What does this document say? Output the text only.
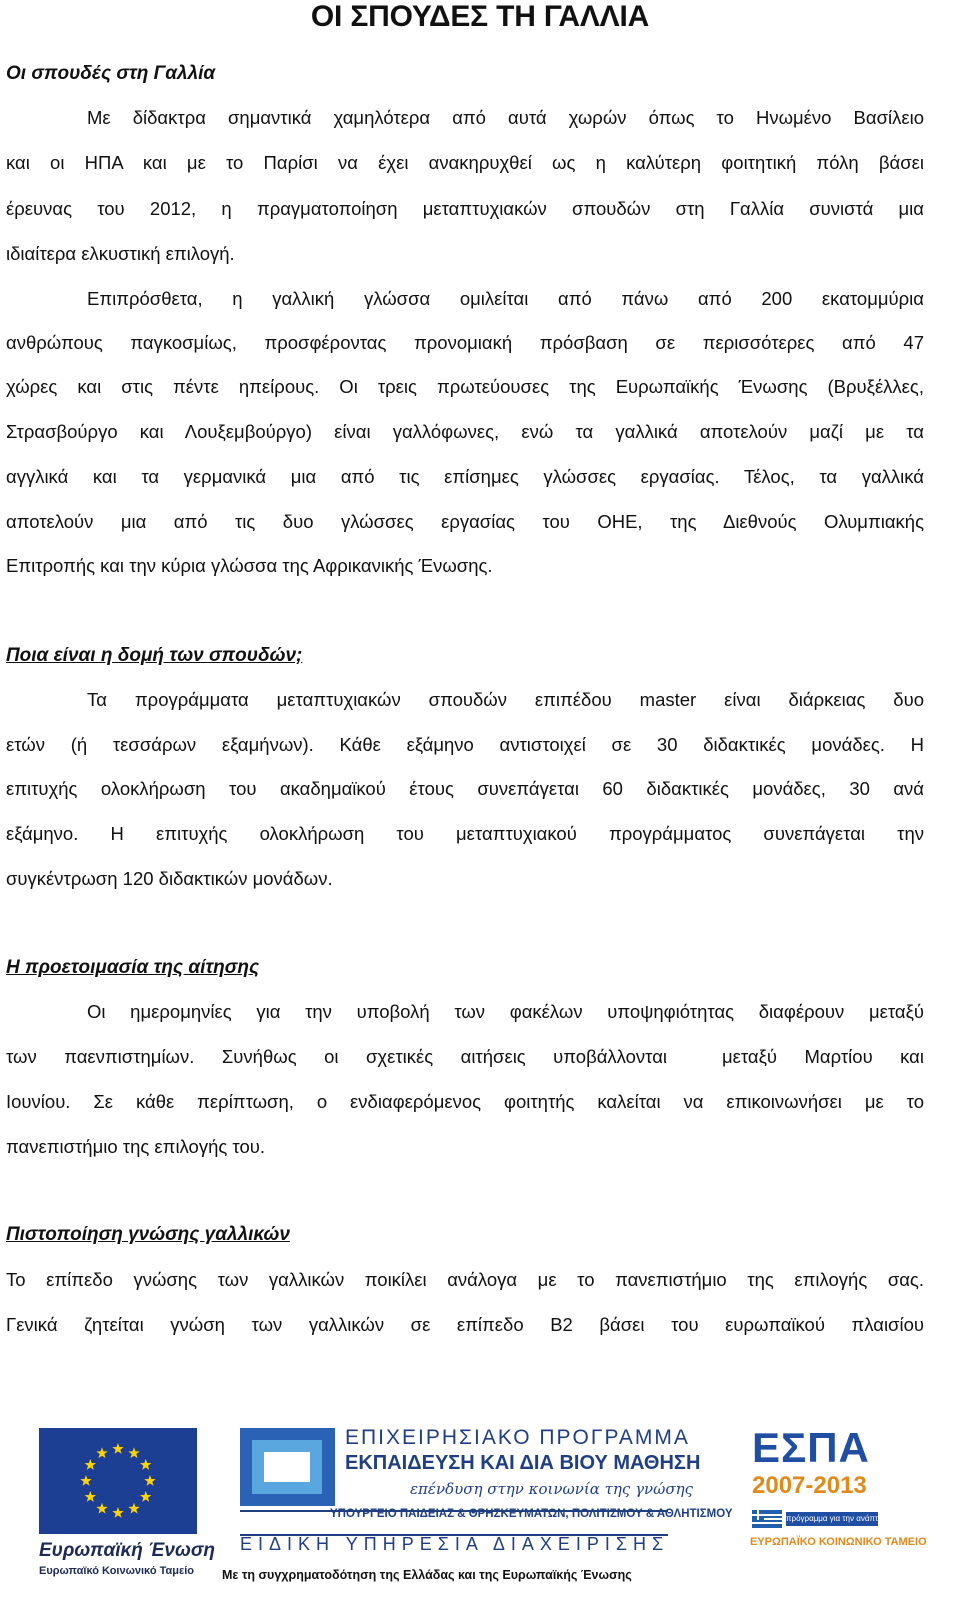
ΟΙ ΣΠΟΥΔΕΣ ΤΗ ΓΑΛΛΙΑ
Οι σπουδές στη Γαλλία
Με δίδακτρα σημαντικά χαμηλότερα από αυτά χωρών όπως το Ηνωμένο Βασίλειο
και οι ΗΠΑ και με το Παρίσι να έχει ανακηρυχθεί ως η καλύτερη φοιτητική πόλη βάσει
έρευνας του 2012, η πραγματοποίηση μεταπτυχιακών σπουδών στη Γαλλία συνιστά μια
ιδιαίτερα ελκυστική επιλογή.
Επιπρόσθετα, η γαλλική γλώσσα ομιλείται από πάνω από 200 εκατομμύρια
ανθρώπους παγκοσμίως, προσφέροντας προνομιακή πρόσβαση σε περισσότερες από 47
χώρες και στις πέντε ηπείρους. Οι τρεις πρωτεύουσες της Ευρωπαϊκής Ένωσης (Βρυξέλλες,
Στρασβούργο και Λουξεμβούργο) είναι γαλλόφωνες, ενώ τα γαλλικά αποτελούν μαζί με τα
αγγλικά και τα γερμανικά μια από τις επίσημες γλώσσες εργασίας. Τέλος, τα γαλλικά
αποτελούν μια από τις δυο γλώσσες εργασίας του ΟΗΕ, της Διεθνούς Ολυμπιακής
Επιτροπής και την κύρια γλώσσα της Αφρικανικής Ένωσης.
Ποια είναι η δομή των σπουδών;
Τα προγράμματα μεταπτυχιακών σπουδών επιπέδου master είναι διάρκειας δυο
ετών (ή τεσσάρων εξαμήνων). Κάθε εξάμηνο αντιστοιχεί σε 30 διδακτικές μονάδες. Η
επιτυχής ολοκλήρωση του ακαδημαϊκού έτους συνεπάγεται 60 διδακτικές μονάδες, 30 ανά
εξάμηνο. Η επιτυχής ολοκλήρωση του μεταπτυχιακού προγράμματος συνεπάγεται την
συγκέντρωση 120 διδακτικών μονάδων.
Η προετοιμασία της αίτησης
Οι ημερομηνίες για την υποβολή των φακέλων υποψηφιότητας διαφέρουν μεταξύ
των παενπιστημίων. Συνήθως οι σχετικές αιτήσεις υποβάλλονται  μεταξύ Μαρτίου και
Ιουνίου. Σε κάθε περίπτωση, ο ενδιαφερόμενος φοιτητής καλείται να επικοινωνήσει με το
πανεπιστήμιο της επιλογής του.
Πιστοποίηση γνώσης γαλλικών
Το επίπεδο γνώσης των γαλλικών ποικίλει ανάλογα με το πανεπιστήμιο της επιλογής σας.
Γενικά ζητείται γνώση των γαλλικών σε επίπεδο Β2 βάσει του ευρωπαϊκού πλαισίου
Ευρωπαϊκή Ένωση
Ευρωπαϊκό Κοινωνικό Ταμείο
ΕΠΙΧΕΙΡΗΣΙΑΚΟ ΠΡΟΓΡΑΜΜΑ
ΕΚΠΑΙΔΕΥΣΗ ΚΑΙ ΔΙΑ ΒΙΟΥ ΜΑΘΗΣΗ
επένδυση στην κοινωνία της γνώσης
ΥΠΟΥΡΓΕΙΟ ΠΑΙΔΕΙΑΣ & ΘΡΗΣΚΕΥΜΑΤΩΝ, ΠΟΛΙΤΙΣΜΟΥ & ΑΘΛΗΤΙΣΜΟΥ
ΕΙΔΙΚΗ ΥΠΗΡΕΣΙΑ ΔΙΑΧΕΙΡΙΣΗΣ
Με τη συγχρηματοδότηση της Ελλάδας και της Ευρωπαϊκής Ένωσης
ΕΣΠΑ
2007-2013
πρόγραμμα για την ανάπτυξη
ΕΥΡΩΠΑΪΚΟ ΚΟΙΝΩΝΙΚΟ ΤΑΜΕΙΟ
